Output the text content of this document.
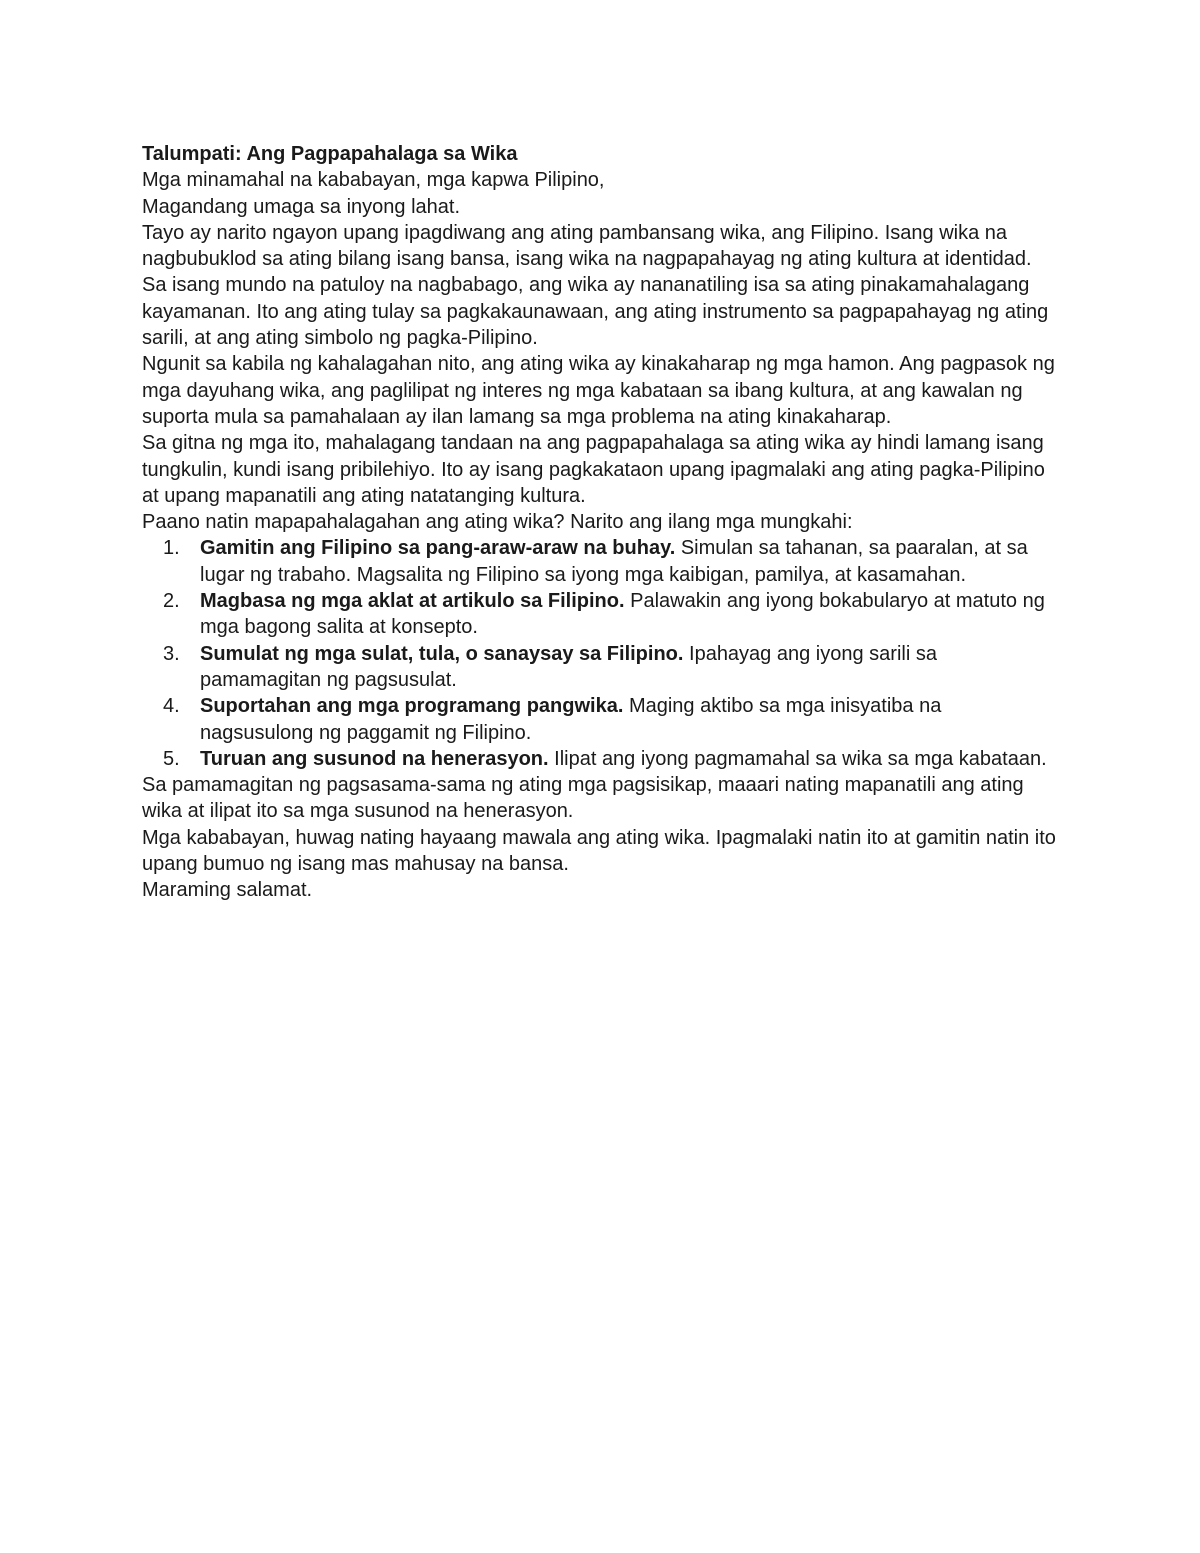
Talumpati: Ang Pagpapahalaga sa Wika

Mga minamahal na kababayan, mga kapwa Pilipino,

Magandang umaga sa inyong lahat.

Tayo ay narito ngayon upang ipagdiwang ang ating pambansang wika, ang Filipino. Isang wika na nagbubuklod sa ating bilang isang bansa, isang wika na nagpapahayag ng ating kultura at identidad.

Sa isang mundo na patuloy na nagbabago, ang wika ay nananatiling isa sa ating pinakamahalagang kayamanan. Ito ang ating tulay sa pagkakaunawaan, ang ating instrumento sa pagpapahayag ng ating sarili, at ang ating simbolo ng pagka-Pilipino.

Ngunit sa kabila ng kahalagahan nito, ang ating wika ay kinakaharap ng mga hamon. Ang pagpasok ng mga dayuhang wika, ang paglilipat ng interes ng mga kabataan sa ibang kultura, at ang kawalan ng suporta mula sa pamahalaan ay ilan lamang sa mga problema na ating kinakaharap.

Sa gitna ng mga ito, mahalagang tandaan na ang pagpapahalaga sa ating wika ay hindi lamang isang tungkulin, kundi isang pribilehiyo. Ito ay isang pagkakataon upang ipagmalaki ang ating pagka-Pilipino at upang mapanatili ang ating natatanging kultura.

Paano natin mapapahalagahan ang ating wika? Narito ang ilang mga mungkahi:

1. Gamitin ang Filipino sa pang-araw-araw na buhay. Simulan sa tahanan, sa paaralan, at sa lugar ng trabaho. Magsalita ng Filipino sa iyong mga kaibigan, pamilya, at kasamahan.
2. Magbasa ng mga aklat at artikulo sa Filipino. Palawakin ang iyong bokabularyo at matuto ng mga bagong salita at konsepto.
3. Sumulat ng mga sulat, tula, o sanaysay sa Filipino. Ipahayag ang iyong sarili sa pamamagitan ng pagsusulat.
4. Suportahan ang mga programang pangwika. Maging aktibo sa mga inisyatiba na nagsusulong ng paggamit ng Filipino.
5. Turuan ang susunod na henerasyon. Ilipat ang iyong pagmamahal sa wika sa mga kabataan.

Sa pamamagitan ng pagsasama-sama ng ating mga pagsisikap, maaari nating mapanatili ang ating wika at ilipat ito sa mga susunod na henerasyon.

Mga kababayan, huwag nating hayaang mawala ang ating wika. Ipagmalaki natin ito at gamitin natin ito upang bumuo ng isang mas mahusay na bansa.

Maraming salamat.
